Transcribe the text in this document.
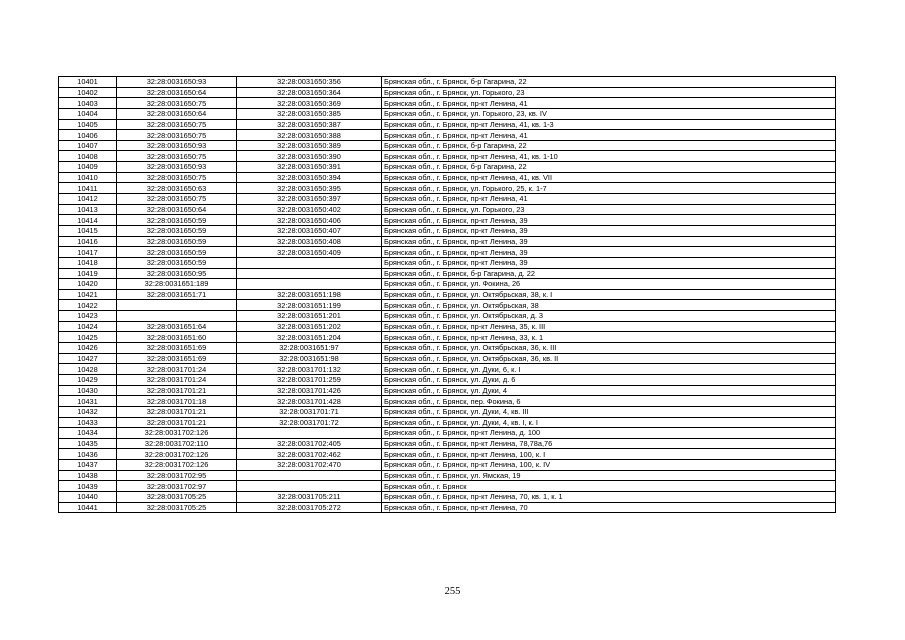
10401	32:28:0031650:93	32:28:0031650:356	Брянская обл., г. Брянск, б-р Гагарина, 22
10402	32:28:0031650:64	32:28:0031650:364	Брянская обл., г. Брянск, ул. Горького, 23
10403	32:28:0031650:75	32:28:0031650:369	Брянская обл., г. Брянск, пр-кт Ленина, 41
10404	32:28:0031650:64	32:28:0031650:385	Брянская обл., г. Брянск, ул. Горького, 23, кв. IV
10405	32:28:0031650:75	32:28:0031650:387	Брянская обл., г. Брянск, пр-кт Ленина, 41, кв. 1-3
10406	32:28:0031650:75	32:28:0031650:388	Брянская обл., г. Брянск, пр-кт Ленина, 41
10407	32:28:0031650:93	32:28:0031650:389	Брянская обл., г. Брянск, б-р Гагарина, 22
10408	32:28:0031650:75	32:28:0031650:390	Брянская обл., г. Брянск, пр-кт Ленина, 41, кв. 1-10
10409	32:28:0031650:93	32:28:0031650:391	Брянская обл., г. Брянск, б-р Гагарина, 22
10410	32:28:0031650:75	32:28:0031650:394	Брянская обл., г. Брянск, пр-кт Ленина, 41, кв. VII
10411	32:28:0031650:63	32:28:0031650:395	Брянская обл., г. Брянск, ул. Горького, 25, к. 1-7
10412	32:28:0031650:75	32:28:0031650:397	Брянская обл., г. Брянск, пр-кт Ленина, 41
10413	32:28:0031650:64	32:28:0031650:402	Брянская обл., г. Брянск, ул. Горького, 23
10414	32:28:0031650:59	32:28:0031650:406	Брянская обл., г. Брянск, пр-кт Ленина, 39
10415	32:28:0031650:59	32:28:0031650:407	Брянская обл., г. Брянск, пр-кт Ленина, 39
10416	32:28:0031650:59	32:28:0031650:408	Брянская обл., г. Брянск, пр-кт Ленина, 39
10417	32:28:0031650:59	32:28:0031650:409	Брянская обл., г. Брянск, пр-кт Ленина, 39
10418	32:28:0031650:59		Брянская обл., г. Брянск, пр-кт Ленина, 39
10419	32:28:0031650:95		Брянская обл., г. Брянск, б-р Гагарина, д. 22
10420	32:28:0031651:189		Брянская обл., г. Брянск, ул. Фокина, 26
10421	32:28:0031651:71	32:28:0031651:198	Брянская обл., г. Брянск, ул. Октябрьская, 38, к. I
10422		32:28:0031651:199	Брянская обл., г. Брянск, ул. Октябрьская, 38
10423		32:28:0031651:201	Брянская обл., г. Брянск, ул. Октябрьская, д. 3
10424	32:28:0031651:64	32:28:0031651:202	Брянская обл., г. Брянск, пр-кт Ленина, 35, к. III
10425	32:28:0031651:60	32:28:0031651:204	Брянская обл., г. Брянск, пр-кт Ленина, 33, к. 1
10426	32:28:0031651:69	32:28:0031651:97	Брянская обл., г. Брянск, ул. Октябрьская, 36, к. III
10427	32:28:0031651:69	32:28:0031651:98	Брянская обл., г. Брянск, ул. Октябрьская, 36, кв. II
10428	32:28:0031701:24	32:28:0031701:132	Брянская обл., г. Брянск, ул. Дуки, 6, к. I
10429	32:28:0031701:24	32:28:0031701:259	Брянская обл., г. Брянск, ул. Дуки, д. 6
10430	32:28:0031701:21	32:28:0031701:426	Брянская обл., г. Брянск, ул. Дуки, 4
10431	32:28:0031701:18	32:28:0031701:428	Брянская обл., г. Брянск, пер. Фокина, 6
10432	32:28:0031701:21	32:28:0031701:71	Брянская обл., г. Брянск, ул. Дуки, 4, кв. III
10433	32:28:0031701:21	32:28:0031701:72	Брянская обл., г. Брянск, ул. Дуки, 4, кв. I, к. I
10434	32:28:0031702:126		Брянская обл., г. Брянск, пр-кт Ленина, д. 100
10435	32:28:0031702:110	32:28:0031702:405	Брянская обл., г. Брянск, пр-кт Ленина, 78,78а,76
10436	32:28:0031702:126	32:28:0031702:462	Брянская обл., г. Брянск, пр-кт Ленина, 100, к. I
10437	32:28:0031702:126	32:28:0031702:470	Брянская обл., г. Брянск, пр-кт Ленина, 100, к. IV
10438	32:28:0031702:95		Брянская обл., г. Брянск, ул. Ямская, 19
10439	32:28:0031702:97		Брянская обл., г. Брянск
10440	32:28:0031705:25	32:28:0031705:211	Брянская обл., г. Брянск, пр-кт Ленина, 70, кв. 1, к. 1
10441	32:28:0031705:25	32:28:0031705:272	Брянская обл., г. Брянск, пр-кт Ленина, 70
255
